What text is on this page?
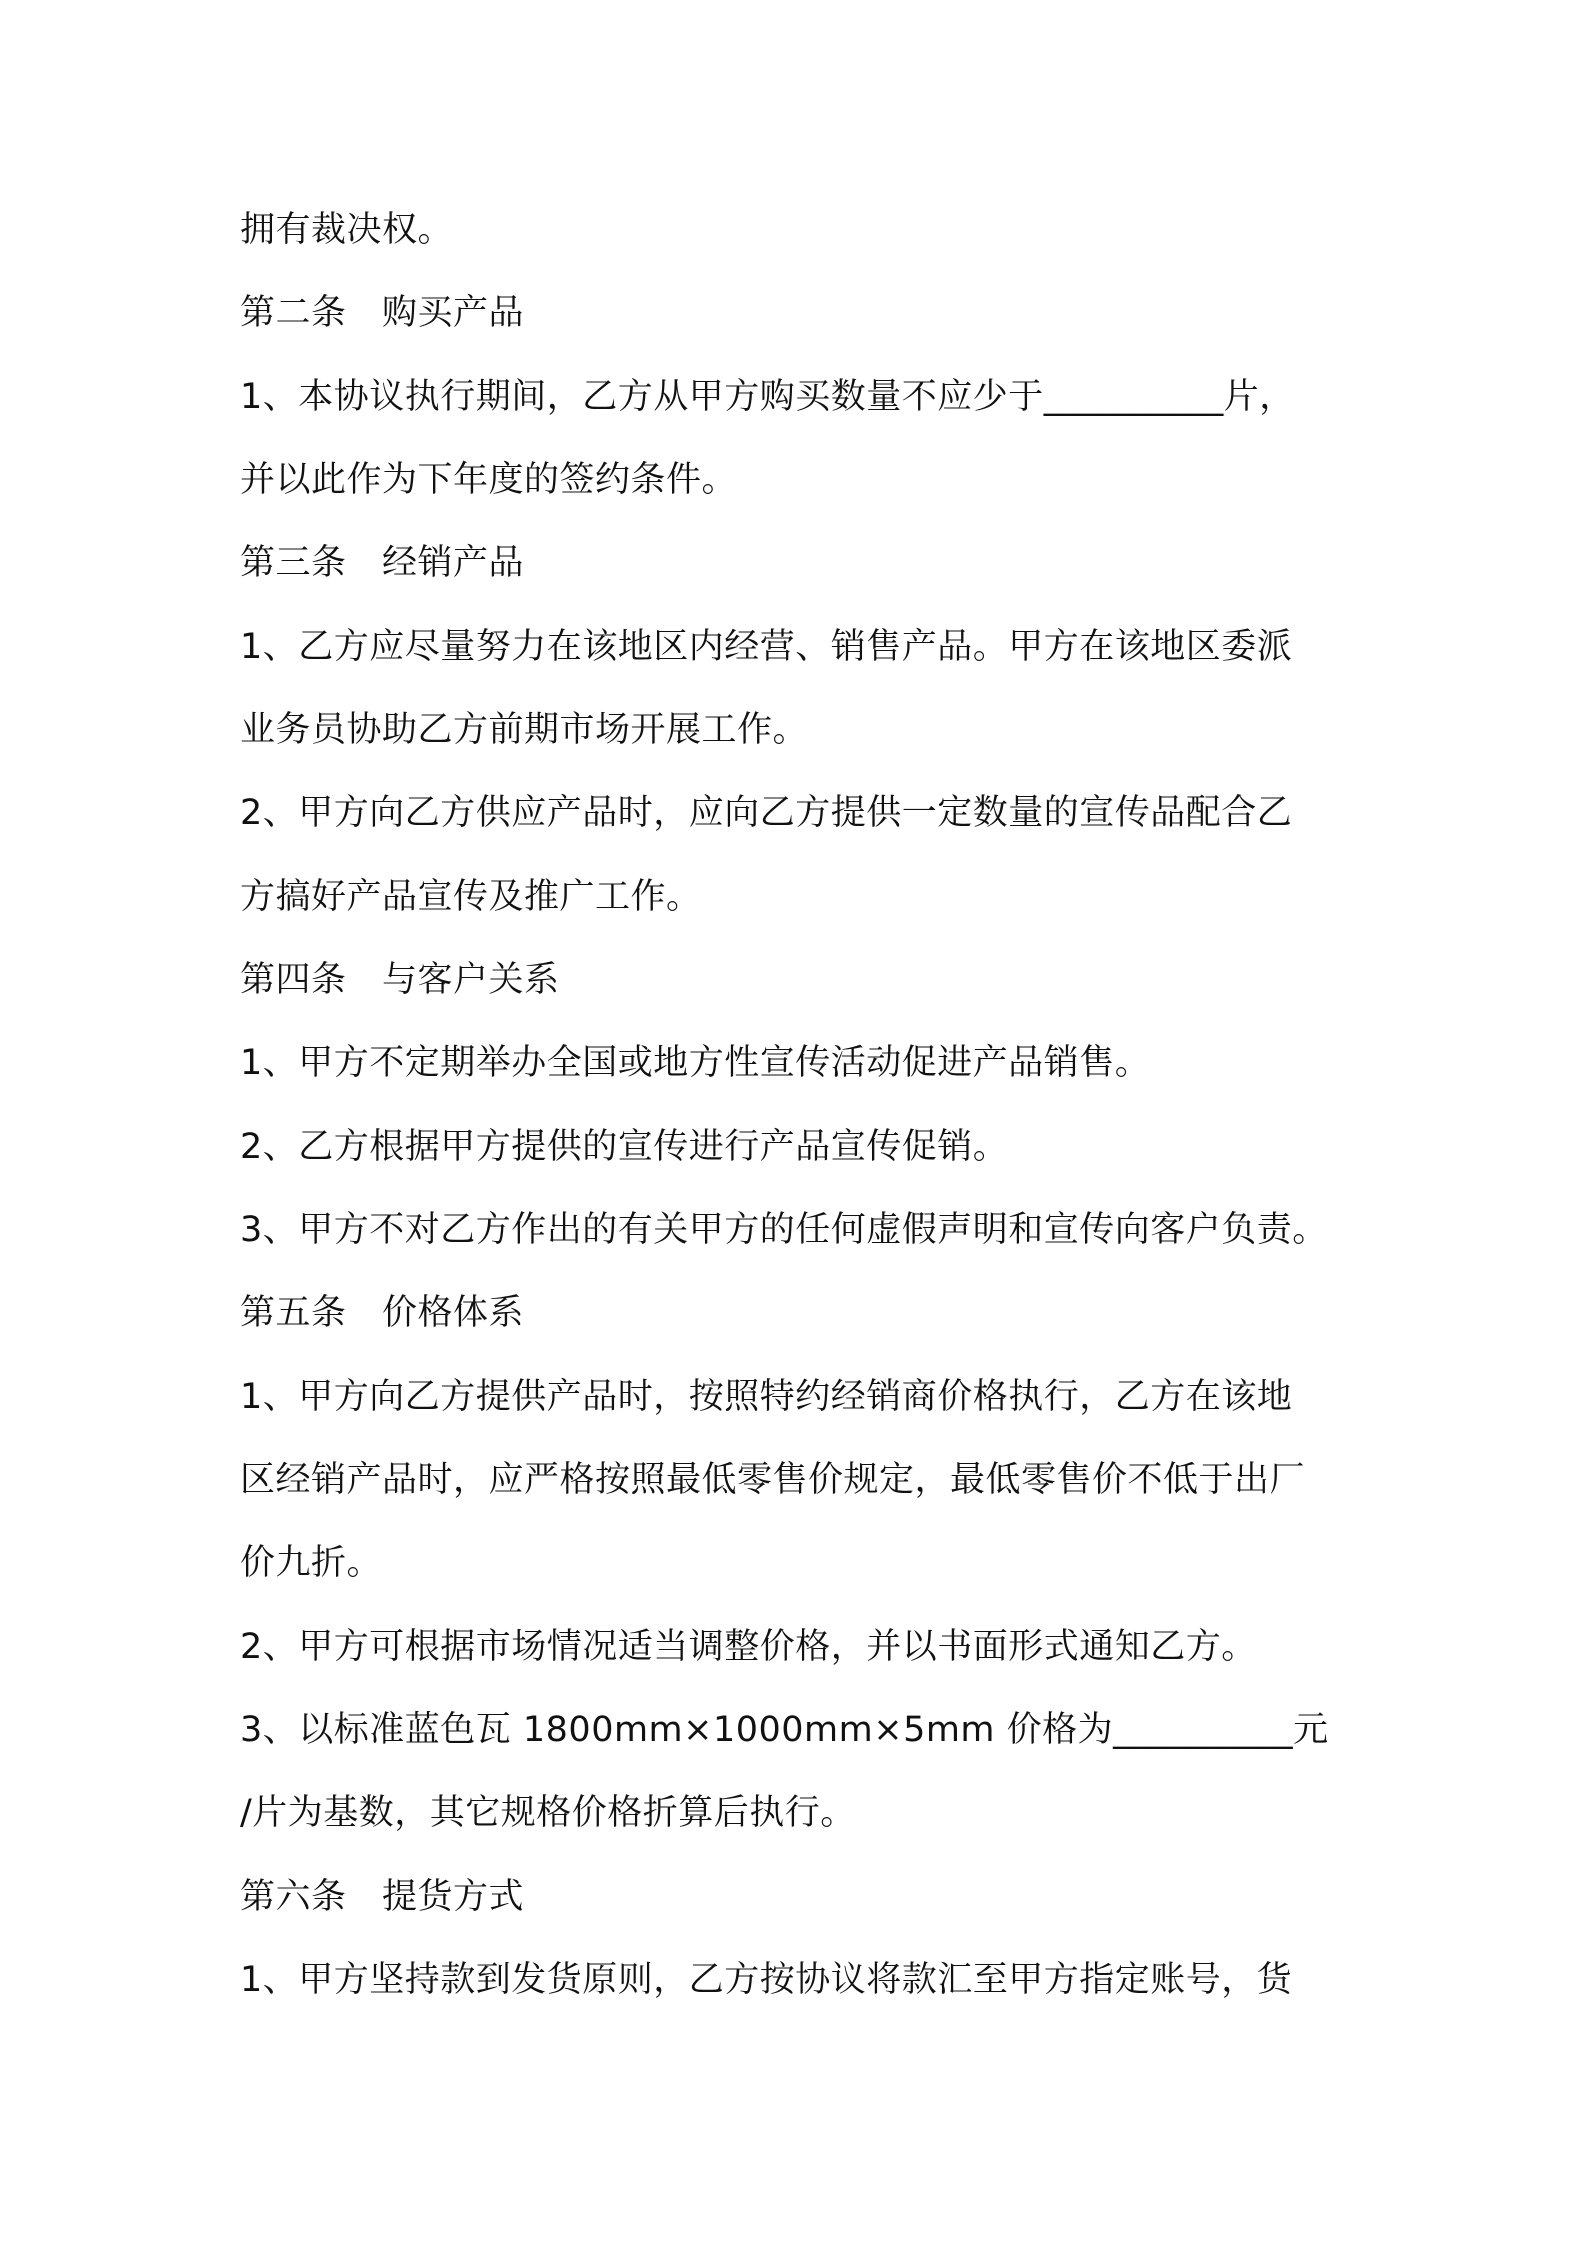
拥有裁决权。
第二条　购买产品
1、本协议执行期间，乙方从甲方购买数量不应少于__________片，
并以此作为下年度的签约条件。
第三条　经销产品
1、乙方应尽量努力在该地区内经营、销售产品。甲方在该地区委派
业务员协助乙方前期市场开展工作。
2、甲方向乙方供应产品时，应向乙方提供一定数量的宣传品配合乙
方搞好产品宣传及推广工作。
第四条　与客户关系
1、甲方不定期举办全国或地方性宣传活动促进产品销售。
2、乙方根据甲方提供的宣传进行产品宣传促销。
3、甲方不对乙方作出的有关甲方的任何虚假声明和宣传向客户负责。
第五条　价格体系
1、甲方向乙方提供产品时，按照特约经销商价格执行，乙方在该地
区经销产品时，应严格按照最低零售价规定，最低零售价不低于出厂
价九折。
2、甲方可根据市场情况适当调整价格，并以书面形式通知乙方。
3、以标准蓝色瓦 1800mm×1000mm×5mm 价格为__________元
/片为基数，其它规格价格折算后执行。
第六条　提货方式
1、甲方坚持款到发货原则，乙方按协议将款汇至甲方指定账号，货
